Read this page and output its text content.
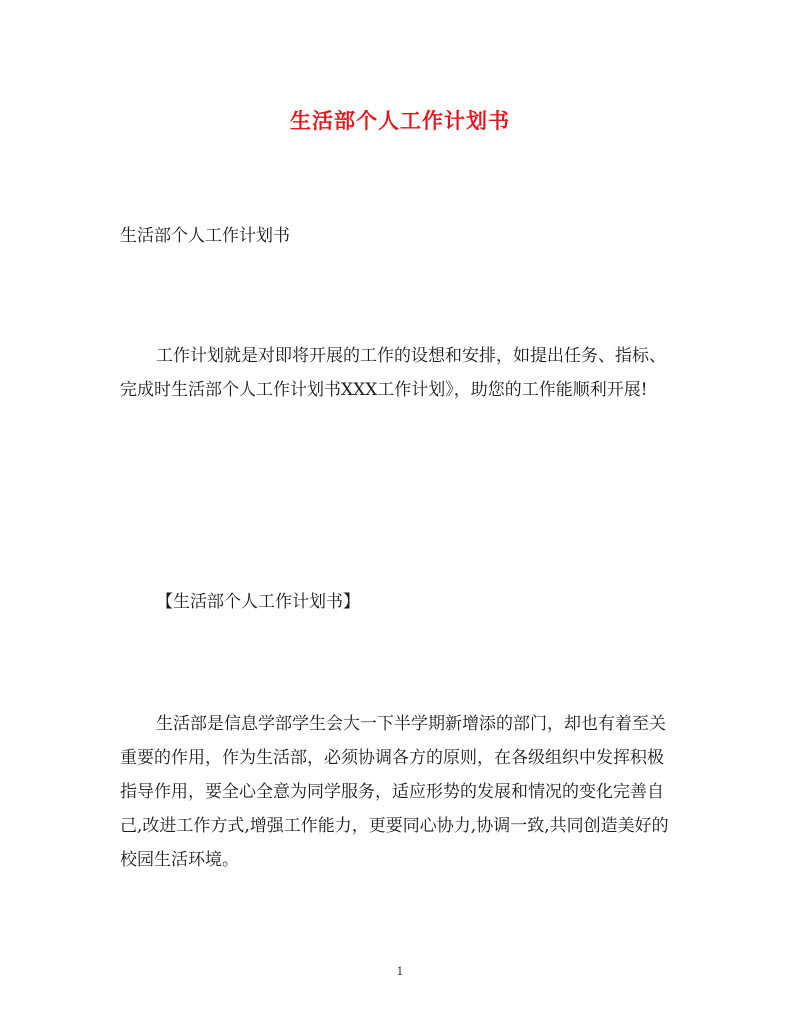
生活部个人工作计划书

生活部个人工作计划书

工作计划就是对即将开展的工作的设想和安排，如提出任务、指标、完成时生活部个人工作计划书XXX工作计划》，助您的工作能顺利开展!

【生活部个人工作计划书】

生活部是信息学部学生会大一下半学期新增添的部门，却也有着至关重要的作用，作为生活部，必须协调各方的原则，在各级组织中发挥积极指导作用，要全心全意为同学服务，适应形势的发展和情况的变化完善自己,改进工作方式,增强工作能力，更要同心协力,协调一致,共同创造美好的校园生活环境。

1
